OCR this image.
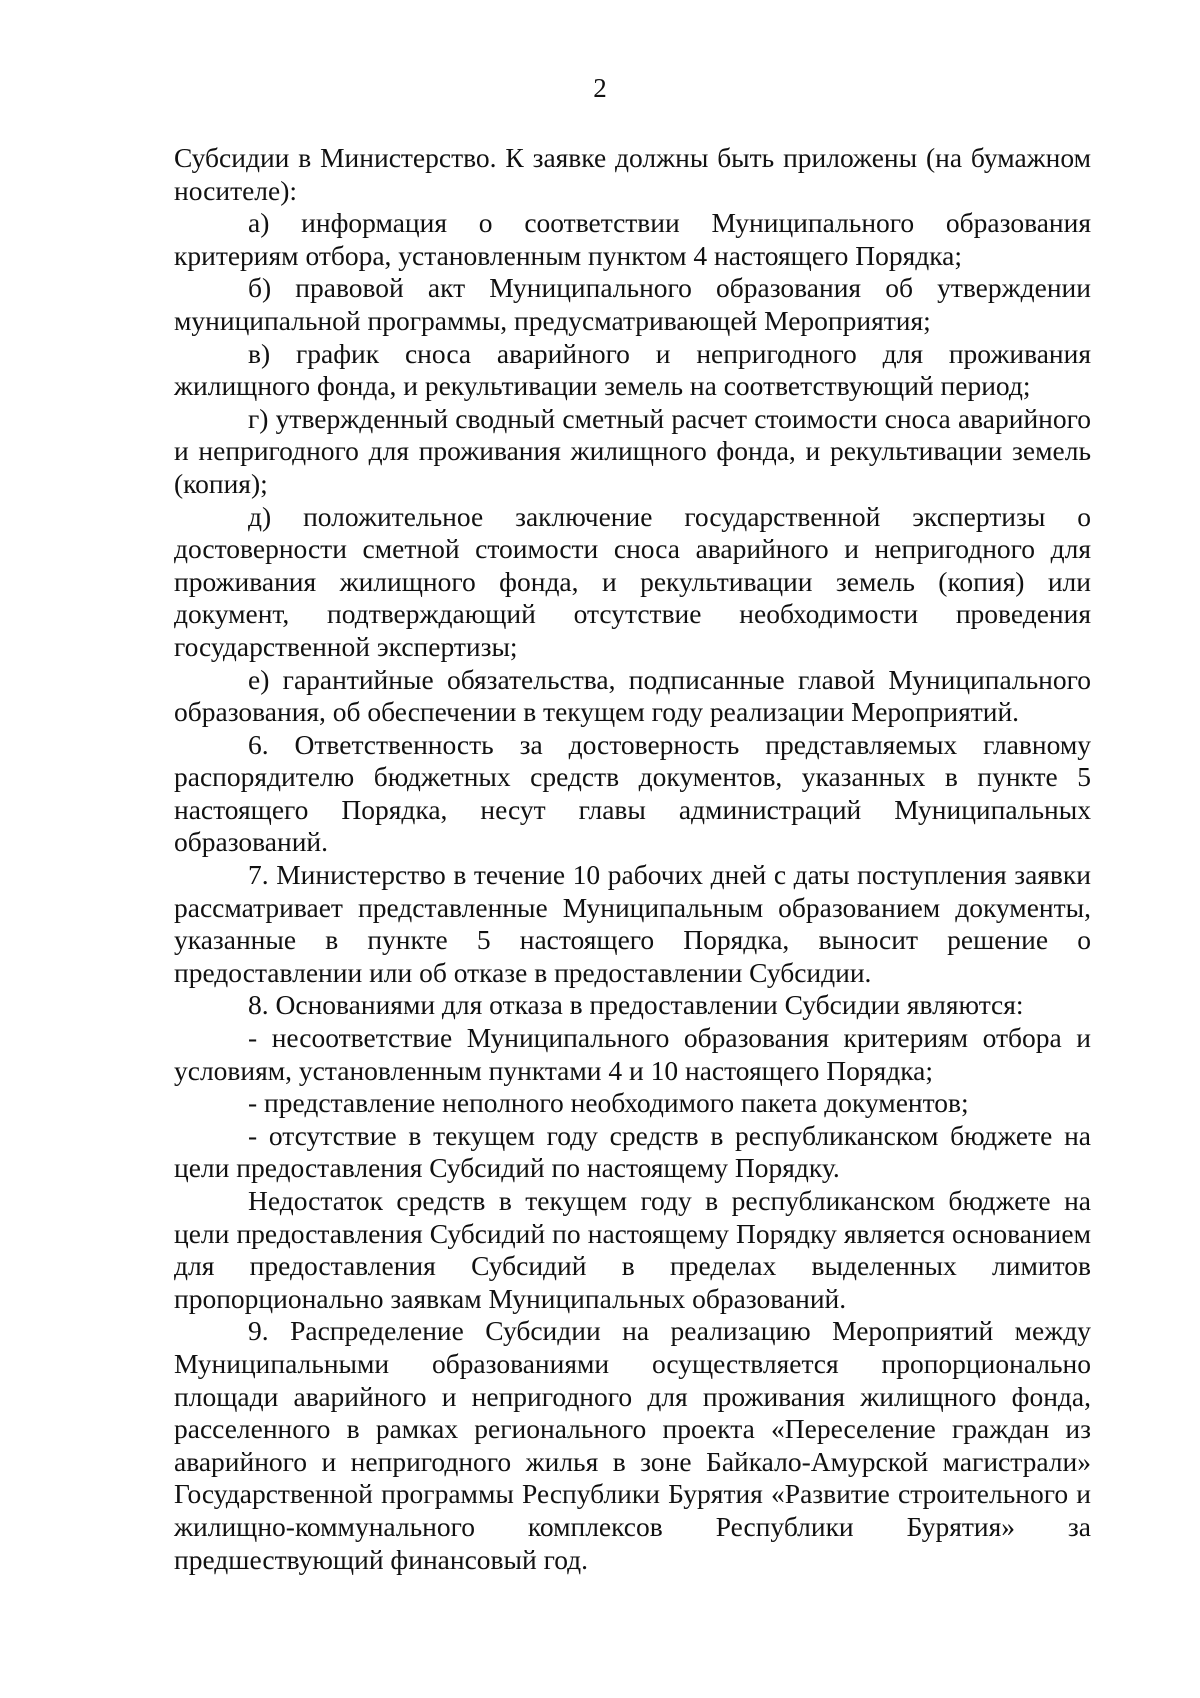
2

Субсидии в Министерство. К заявке должны быть приложены (на бумажном носителе):

а) информация о соответствии Муниципального образования критериям отбора, установленным пунктом 4 настоящего Порядка;

б) правовой акт Муниципального образования об утверждении муниципальной программы, предусматривающей Мероприятия;

в) график сноса аварийного и непригодного для проживания жилищного фонда, и рекультивации земель на соответствующий период;

г) утвержденный сводный сметный расчет стоимости сноса аварийного и непригодного для проживания жилищного фонда, и рекультивации земель (копия);

д) положительное заключение государственной экспертизы о достоверности сметной стоимости сноса аварийного и непригодного для проживания жилищного фонда, и рекультивации земель (копия) или документ, подтверждающий отсутствие необходимости проведения государственной экспертизы;

е) гарантийные обязательства, подписанные главой Муниципального образования, об обеспечении в текущем году реализации Мероприятий.

6. Ответственность за достоверность представляемых главному распорядителю бюджетных средств документов, указанных в пункте 5 настоящего Порядка, несут главы администраций Муниципальных образований.

7. Министерство в течение 10 рабочих дней с даты поступления заявки рассматривает представленные Муниципальным образованием документы, указанные в пункте 5 настоящего Порядка, выносит решение о предоставлении или об отказе в предоставлении Субсидии.

8. Основаниями для отказа в предоставлении Субсидии являются:

- несоответствие Муниципального образования критериям отбора и условиям, установленным пунктами 4 и 10 настоящего Порядка;

- представление неполного необходимого пакета документов;

- отсутствие в текущем году средств в республиканском бюджете на цели предоставления Субсидий по настоящему Порядку.

Недостаток средств в текущем году в республиканском бюджете на цели предоставления Субсидий по настоящему Порядку является основанием для предоставления Субсидий в пределах выделенных лимитов пропорционально заявкам Муниципальных образований.

9. Распределение Субсидии на реализацию Мероприятий между Муниципальными образованиями осуществляется пропорционально площади аварийного и непригодного для проживания жилищного фонда, расселенного в рамках регионального проекта «Переселение граждан из аварийного и непригодного жилья в зоне Байкало-Амурской магистрали» Государственной программы Республики Бурятия «Развитие строительного и жилищно-коммунального комплексов Республики Бурятия» за предшествующий финансовый год.
